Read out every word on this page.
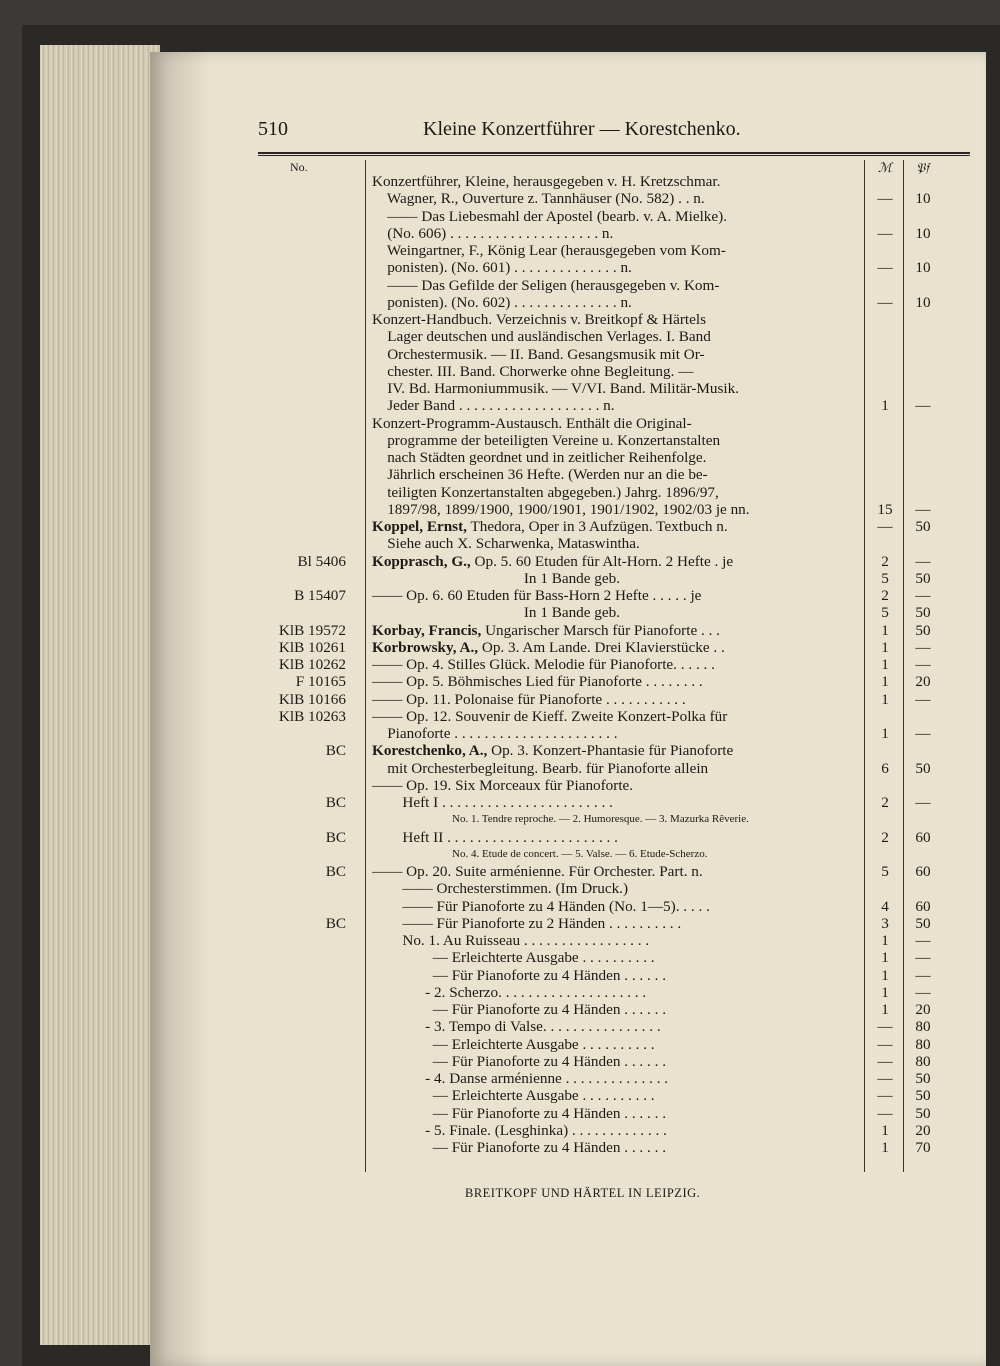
510	Kleine Konzertführer — Korestchenko.
No.	ℳ 𝔓𝔣
Konzertführer, Kleine, herausgegeben v. H. Kretzschmar.
Wagner, R., Ouverture z. Tannhäuser (No. 582) . . n.	—	10
—— Das Liebesmahl der Apostel (bearb. v. A. Mielke).
(No. 606) . . . . . . . . . . . . . . . . . . . . n.	—	10
Weingartner, F., König Lear (herausgegeben vom Kom-
ponisten). (No. 601) . . . . . . . . . . . . . . n.	—	10
—— Das Gefilde der Seligen (herausgegeben v. Kom-
ponisten). (No. 602) . . . . . . . . . . . . . . n.	—	10
Konzert-Handbuch. Verzeichnis v. Breitkopf & Härtels
Lager deutschen und ausländischen Verlages. I. Band
Orchestermusik. — II. Band. Gesangsmusik mit Or-
chester. III. Band. Chorwerke ohne Begleitung. —
IV. Bd. Harmoniummusik. — V/VI. Band. Militär-Musik.
Jeder Band . . . . . . . . . . . . . . . . . . . n.	1	—
Konzert-Programm-Austausch. Enthält die Original-
programme der beteiligten Vereine u. Konzertanstalten
nach Städten geordnet und in zeitlicher Reihenfolge.
Jährlich erscheinen 36 Hefte. (Werden nur an die be-
teiligten Konzertanstalten abgegeben.) Jahrg. 1896/97,
1897/98, 1899/1900, 1900/1901, 1901/1902, 1902/03 je nn.	15	—
Koppel, Ernst, Thedora, Oper in 3 Aufzügen. Textbuch n.	—	50
Siehe auch X. Scharwenka, Mataswintha.
Bl 5406 Kopprasch, G., Op. 5. 60 Etuden für Alt-Horn. 2 Hefte . je	2	—
In 1 Bande geb.	5	50
B 15407 —— Op. 6. 60 Etuden für Bass-Horn 2 Hefte . . . . . je	2	—
In 1 Bande geb.	5	50
KlB 19572 Korbay, Francis, Ungarischer Marsch für Pianoforte . . .	1	50
KlB 10261 Korbrowsky, A., Op. 3. Am Lande. Drei Klavierstücke . .	1	—
KlB 10262 —— Op. 4. Stilles Glück. Melodie für Pianoforte. . . . . .	1	—
F 10165 —— Op. 5. Böhmisches Lied für Pianoforte . . . . . . . .	1	20
KlB 10166 —— Op. 11. Polonaise für Pianoforte . . . . . . . . . . .	1	—
KlB 10263 —— Op. 12. Souvenir de Kieff. Zweite Konzert-Polka für
Pianoforte . . . . . . . . . . . . . . . . . . . . . .	1	—
BC Korestchenko, A., Op. 3. Konzert-Phantasie für Pianoforte
mit Orchesterbegleitung. Bearb. für Pianoforte allein	6	50
—— Op. 19. Six Morceaux für Pianoforte.
BC Heft I . . . . . . . . . . . . . . . . . . . . . . .	2	—
No. 1. Tendre reproche. — 2. Humoresque. — 3. Mazurka Rêverie.
BC Heft II . . . . . . . . . . . . . . . . . . . . . . .	2	60
No. 4. Etude de concert. — 5. Valse. — 6. Etude-Scherzo.
BC —— Op. 20. Suite arménienne. Für Orchester. Part. n.	5	60
—— Orchesterstimmen. (Im Druck.)
—— Für Pianoforte zu 4 Händen (No. 1—5). . . . .	4	60
BC —— Für Pianoforte zu 2 Händen . . . . . . . . . .	3	50
No. 1. Au Ruisseau . . . . . . . . . . . . . . . . .	1	—
— Erleichterte Ausgabe . . . . . . . . . .	1	—
— Für Pianoforte zu 4 Händen . . . . . .	1	—
- 2. Scherzo. . . . . . . . . . . . . . . . . . . .	1	—
— Für Pianoforte zu 4 Händen . . . . . .	1	20
- 3. Tempo di Valse. . . . . . . . . . . . . . . .	—	80
— Erleichterte Ausgabe . . . . . . . . . .	—	80
— Für Pianoforte zu 4 Händen . . . . . .	—	80
- 4. Danse arménienne . . . . . . . . . . . . . .	—	50
— Erleichterte Ausgabe . . . . . . . . . .	—	50
— Für Pianoforte zu 4 Händen . . . . . .	—	50
- 5. Finale. (Lesghinka) . . . . . . . . . . . . .	1	20
— Für Pianoforte zu 4 Händen . . . . . .	1	70
BREITKOPF UND HÄRTEL IN LEIPZIG.
